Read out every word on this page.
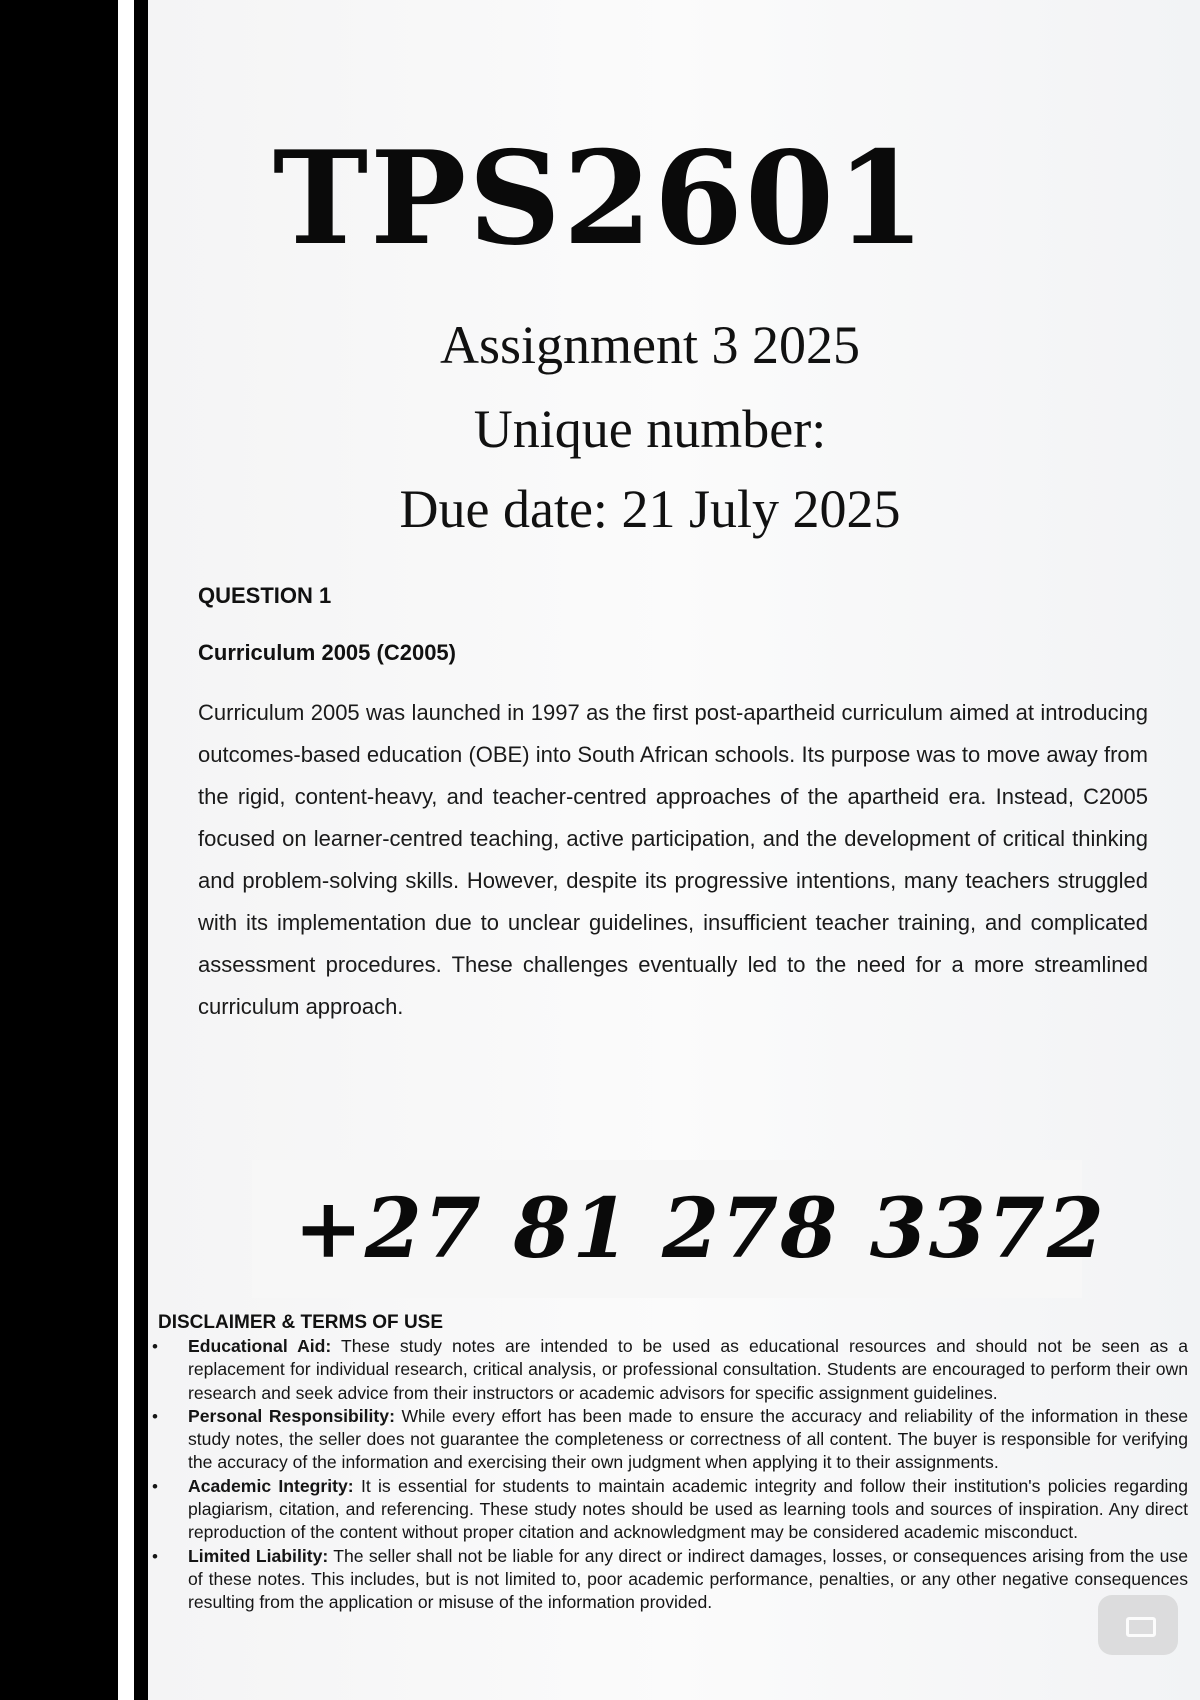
TPS2601
Assignment 3 2025
Unique number:
Due date: 21 July 2025
QUESTION 1
Curriculum 2005 (C2005)
Curriculum 2005 was launched in 1997 as the first post-apartheid curriculum aimed at introducing outcomes-based education (OBE) into South African schools. Its purpose was to move away from the rigid, content-heavy, and teacher-centred approaches of the apartheid era. Instead, C2005 focused on learner-centred teaching, active participation, and the development of critical thinking and problem-solving skills. However, despite its progressive intentions, many teachers struggled with its implementation due to unclear guidelines, insufficient teacher training, and complicated assessment procedures. These challenges eventually led to the need for a more streamlined curriculum approach.
+27 81 278 3372
DISCLAIMER & TERMS OF USE
• Educational Aid: These study notes are intended to be used as educational resources and should not be seen as a replacement for individual research, critical analysis, or professional consultation. Students are encouraged to perform their own research and seek advice from their instructors or academic advisors for specific assignment guidelines.
• Personal Responsibility: While every effort has been made to ensure the accuracy and reliability of the information in these study notes, the seller does not guarantee the completeness or correctness of all content. The buyer is responsible for verifying the accuracy of the information and exercising their own judgment when applying it to their assignments.
• Academic Integrity: It is essential for students to maintain academic integrity and follow their institution's policies regarding plagiarism, citation, and referencing. These study notes should be used as learning tools and sources of inspiration. Any direct reproduction of the content without proper citation and acknowledgment may be considered academic misconduct.
• Limited Liability: The seller shall not be liable for any direct or indirect damages, losses, or consequences arising from the use of these notes. This includes, but is not limited to, poor academic performance, penalties, or any other negative consequences resulting from the application or misuse of the information provided.
